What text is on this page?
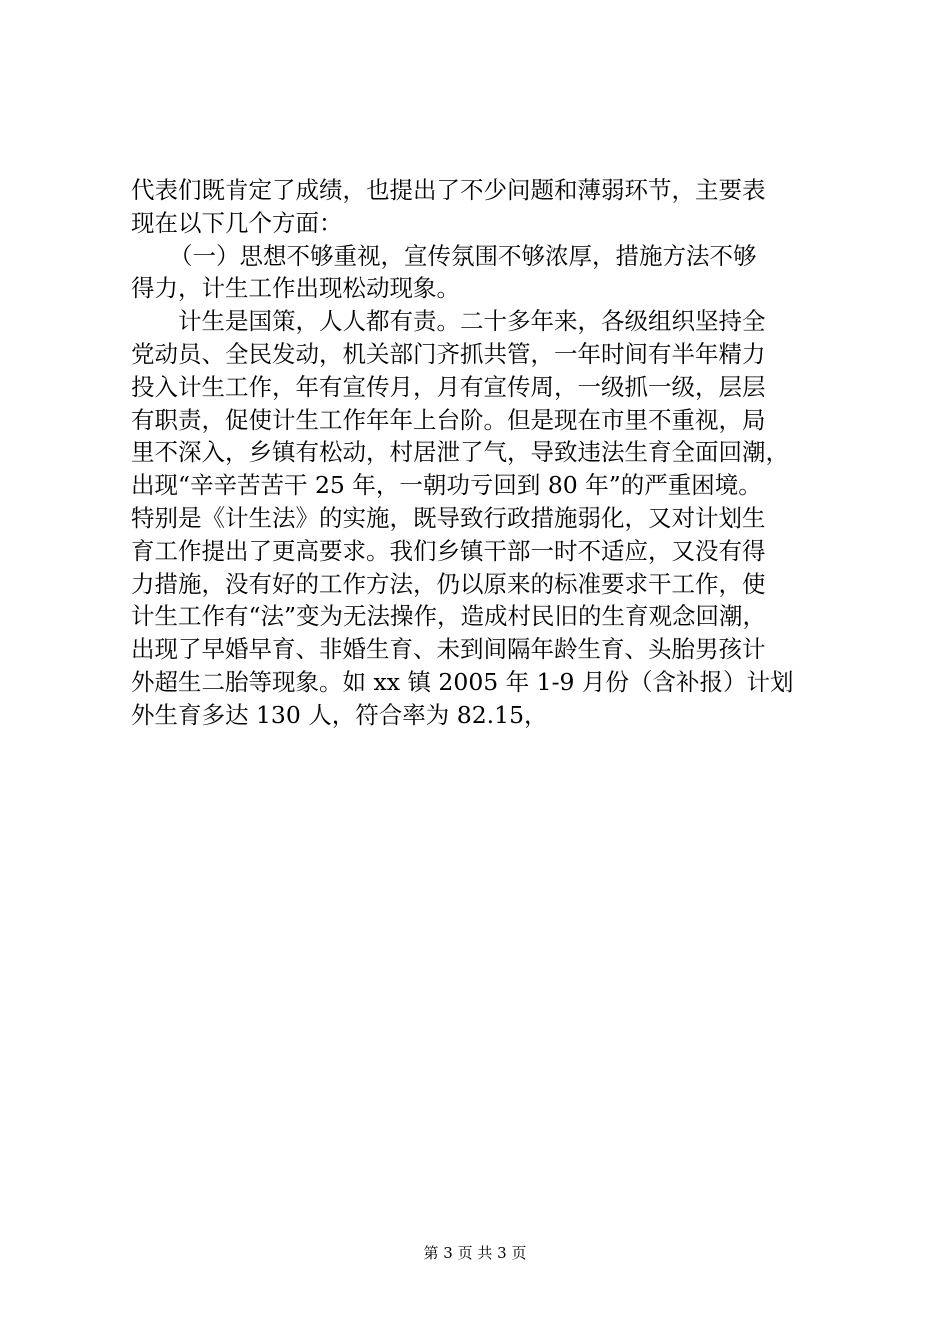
代表们既肯定了成绩，也提出了不少问题和薄弱环节，主要表
现在以下几个方面：
（一）思想不够重视，宣传氛围不够浓厚，措施方法不够
得力，计生工作出现松动现象。
计生是国策，人人都有责。二十多年来，各级组织坚持全
党动员、全民发动，机关部门齐抓共管，一年时间有半年精力
投入计生工作，年有宣传月，月有宣传周，一级抓一级，层层
有职责，促使计生工作年年上台阶。但是现在市里不重视，局
里不深入，乡镇有松动，村居泄了气，导致违法生育全面回潮，
出现“辛辛苦苦干 25 年，一朝功亏回到 80 年”的严重困境。
特别是《计生法》的实施，既导致行政措施弱化，又对计划生
育工作提出了更高要求。我们乡镇干部一时不适应，又没有得
力措施，没有好的工作方法，仍以原来的标准要求干工作，使
计生工作有“法”变为无法操作，造成村民旧的生育观念回潮，
出现了早婚早育、非婚生育、未到间隔年龄生育、头胎男孩计
外超生二胎等现象。如 xx 镇 2005 年 1-9 月份（含补报）计划
外生育多达 130 人，符合率为 82.15，
第 3 页 共 3 页
